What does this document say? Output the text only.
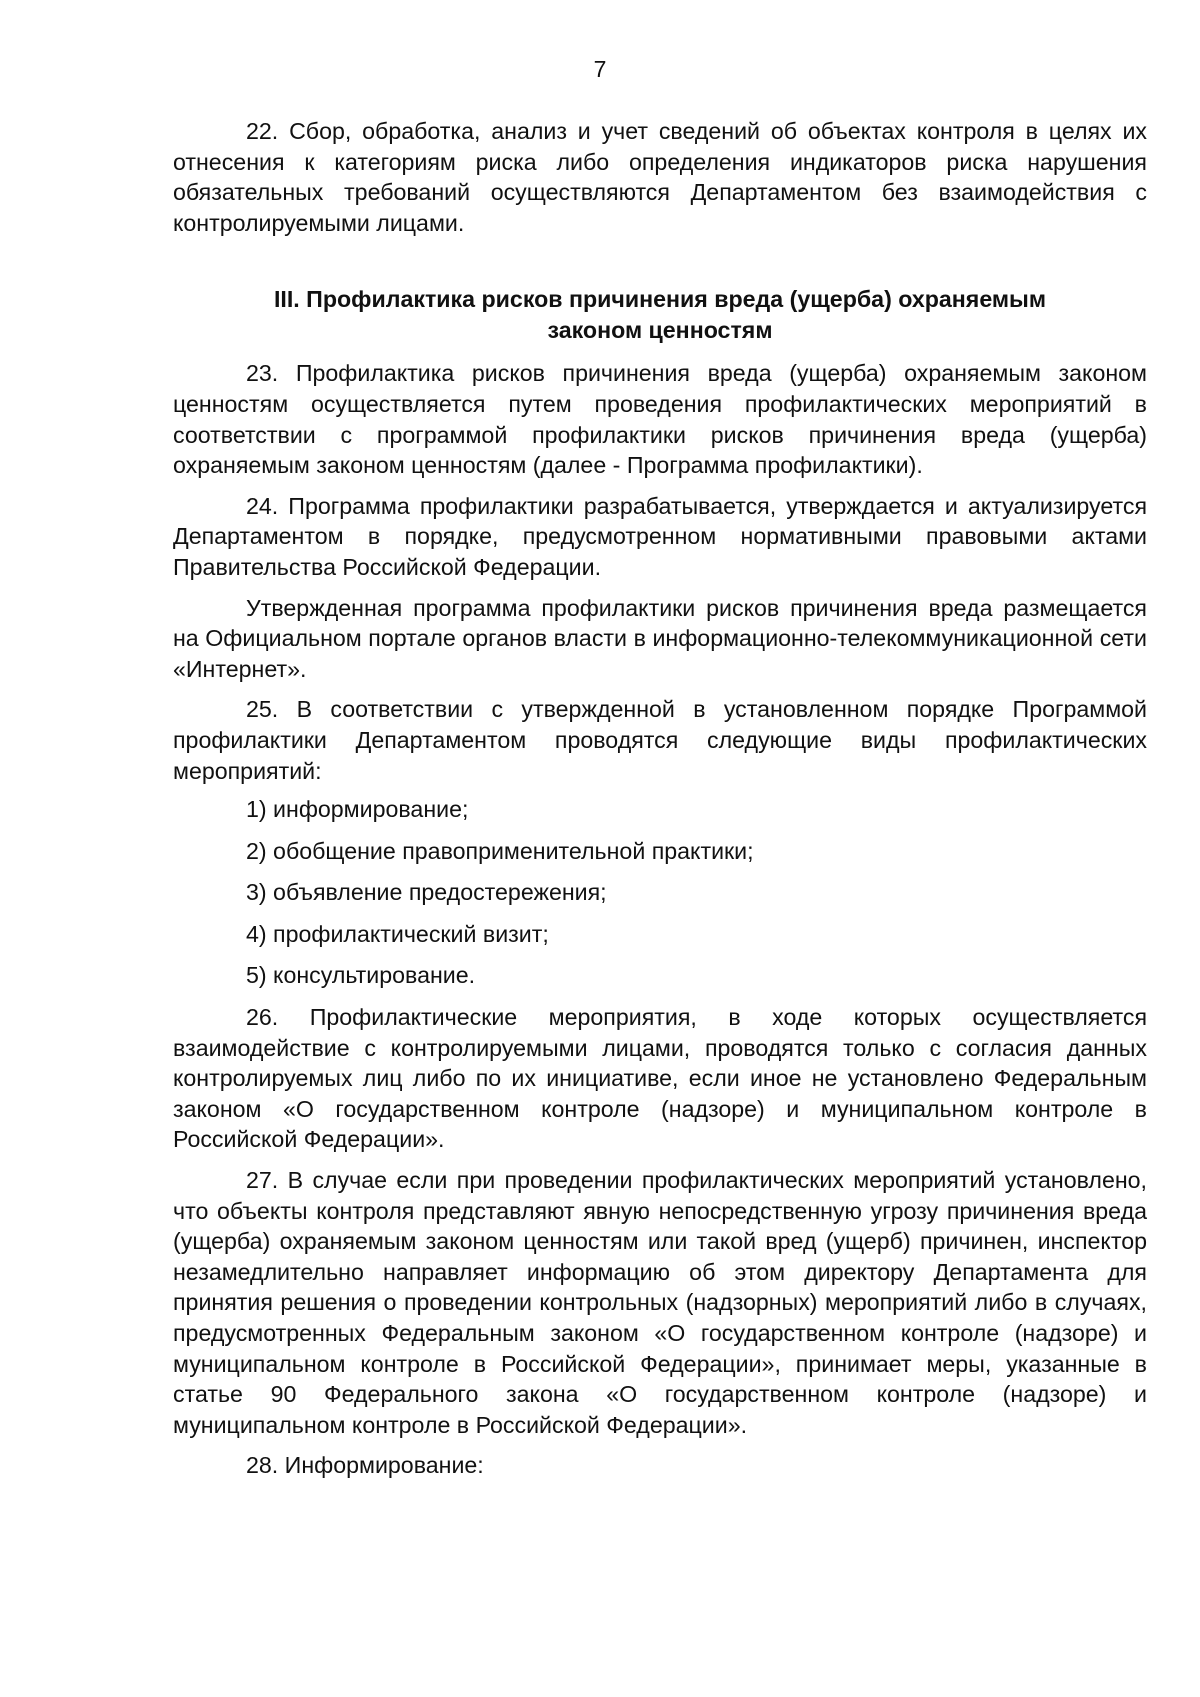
7

22. Сбор, обработка, анализ и учет сведений об объектах контроля в целях их отнесения к категориям риска либо определения индикаторов риска нарушения обязательных требований осуществляются Департаментом без взаимодействия с контролируемыми лицами.

III. Профилактика рисков причинения вреда (ущерба) охраняемым
законом ценностям

23. Профилактика рисков причинения вреда (ущерба) охраняемым законом ценностям осуществляется путем проведения профилактических мероприятий в соответствии с программой профилактики рисков причинения вреда (ущерба) охраняемым законом ценностям (далее - Программа профилактики).

24. Программа профилактики разрабатывается, утверждается и актуализируется Департаментом в порядке, предусмотренном нормативными правовыми актами Правительства Российской Федерации.

Утвержденная программа профилактики рисков причинения вреда размещается на Официальном портале органов власти в информационно-телекоммуникационной сети «Интернет».

25. В соответствии с утвержденной в установленном порядке Программой профилактики Департаментом проводятся следующие виды профилактических мероприятий:

1) информирование;
2) обобщение правоприменительной практики;
3) объявление предостережения;
4) профилактический визит;
5) консультирование.

26. Профилактические мероприятия, в ходе которых осуществляется взаимодействие с контролируемыми лицами, проводятся только с согласия данных контролируемых лиц либо по их инициативе, если иное не установлено Федеральным законом «О государственном контроле (надзоре) и муниципальном контроле в Российской Федерации».

27. В случае если при проведении профилактических мероприятий установлено, что объекты контроля представляют явную непосредственную угрозу причинения вреда (ущерба) охраняемым законом ценностям или такой вред (ущерб) причинен, инспектор незамедлительно направляет информацию об этом директору Департамента для принятия решения о проведении контрольных (надзорных) мероприятий либо в случаях, предусмотренных Федеральным законом «О государственном контроле (надзоре) и муниципальном контроле в Российской Федерации», принимает меры, указанные в статье 90 Федерального закона «О государственном контроле (надзоре) и муниципальном контроле в Российской Федерации».

28. Информирование:
